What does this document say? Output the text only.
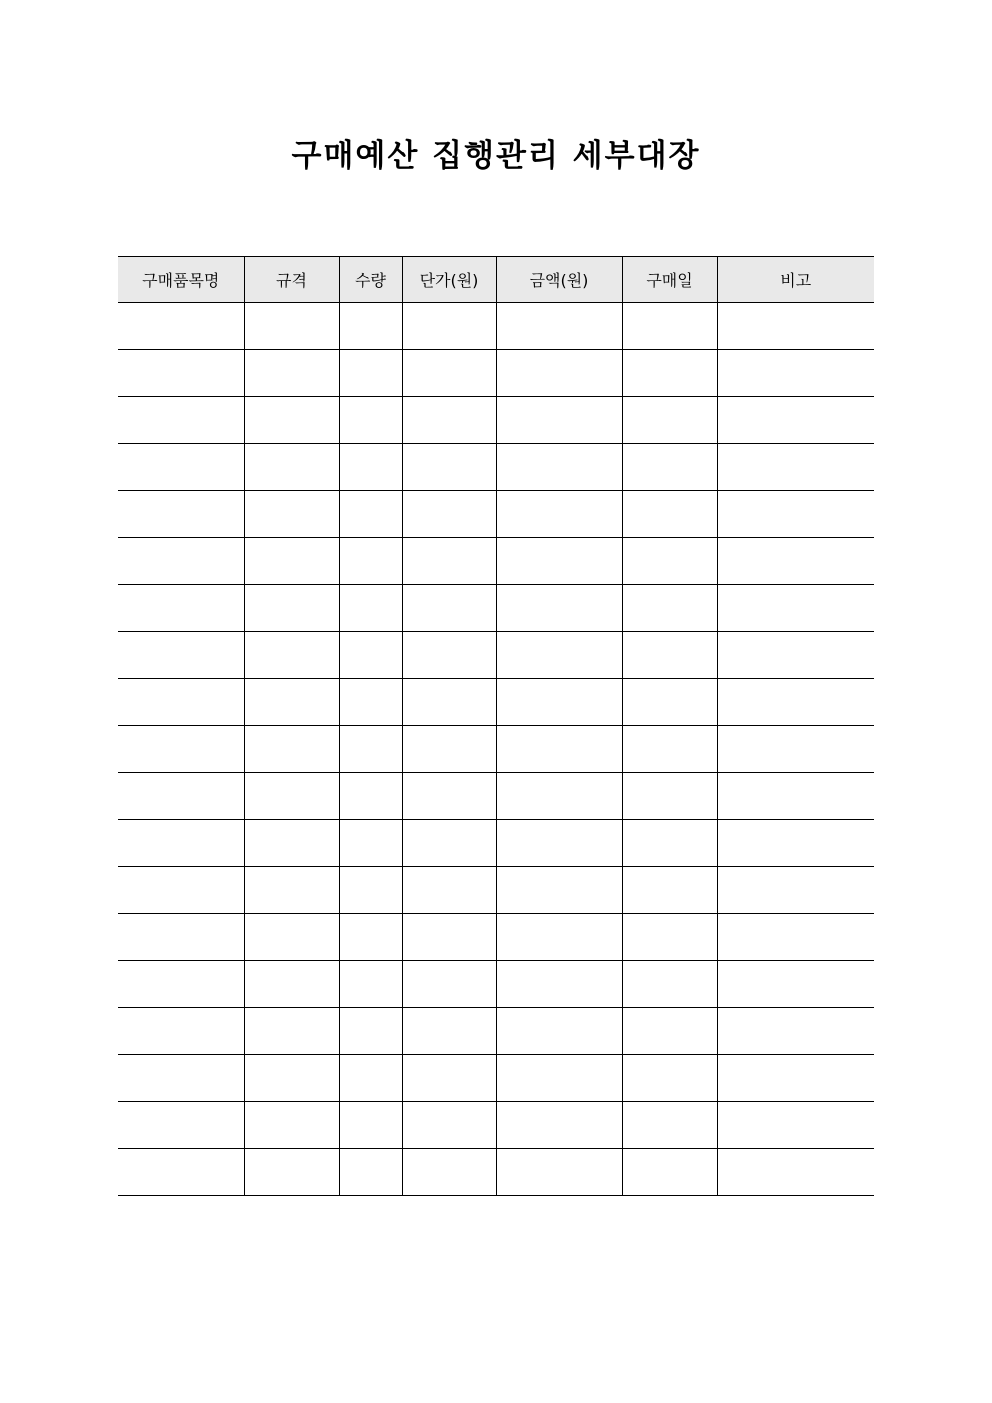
구매예산 집행관리 세부대장
구매품목명	규격	수량	단가(원)	금액(원)	구매일	비고
